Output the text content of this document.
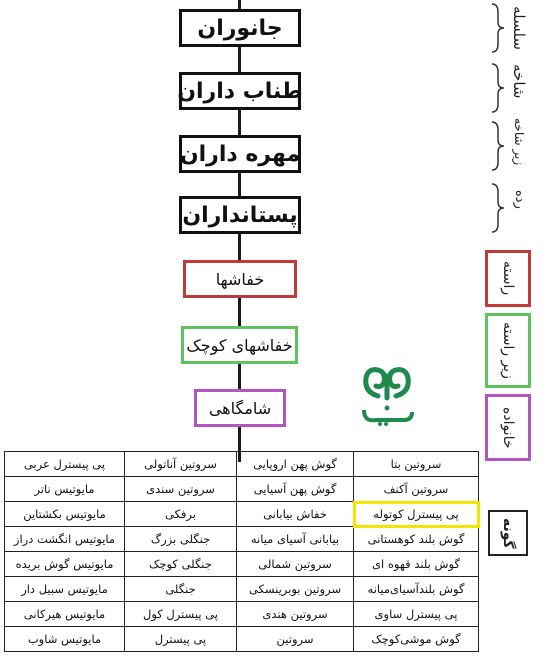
جانوران
طناب داران
مهره داران
پستانداران
خفاشها
خفاشهای کوچک
شامگاهی
سلسله
شاخه
زیر شاخه
رده
راسته
زیر راسته
خانواده
گونه
پی پیسترل عربی	سروتین آناتولی	گوش پهن اروپایی	سروتین بتا
مایوتیس ناتر	سروتین سندی	گوش پهن آسیایی	سروتین آکنف
مایوتیس بکشتاین	برفکی	خفاش بیابانی	پی پیسترل کوتوله
مایوتیس انگشت دراز	جنگلی بزرگ	بیابانی آسیای میانه	گوش بلند کوهستانی
مایوتیس گوش بریده	جنگلی کوچک	سروتین شمالی	گوش بلند قهوه ای
مایوتیس سبیل دار	جنگلی	سروتین بوبرینسکی	گوش بلندآسیای‌میانه
مایوتیس هیرکانی	پی پیسترل کول	سروتین هندی	پی پیسترل ساوی
مایوتیس شاوب	پی پیسترل	سروتین	گوش موشی‌کوچک
